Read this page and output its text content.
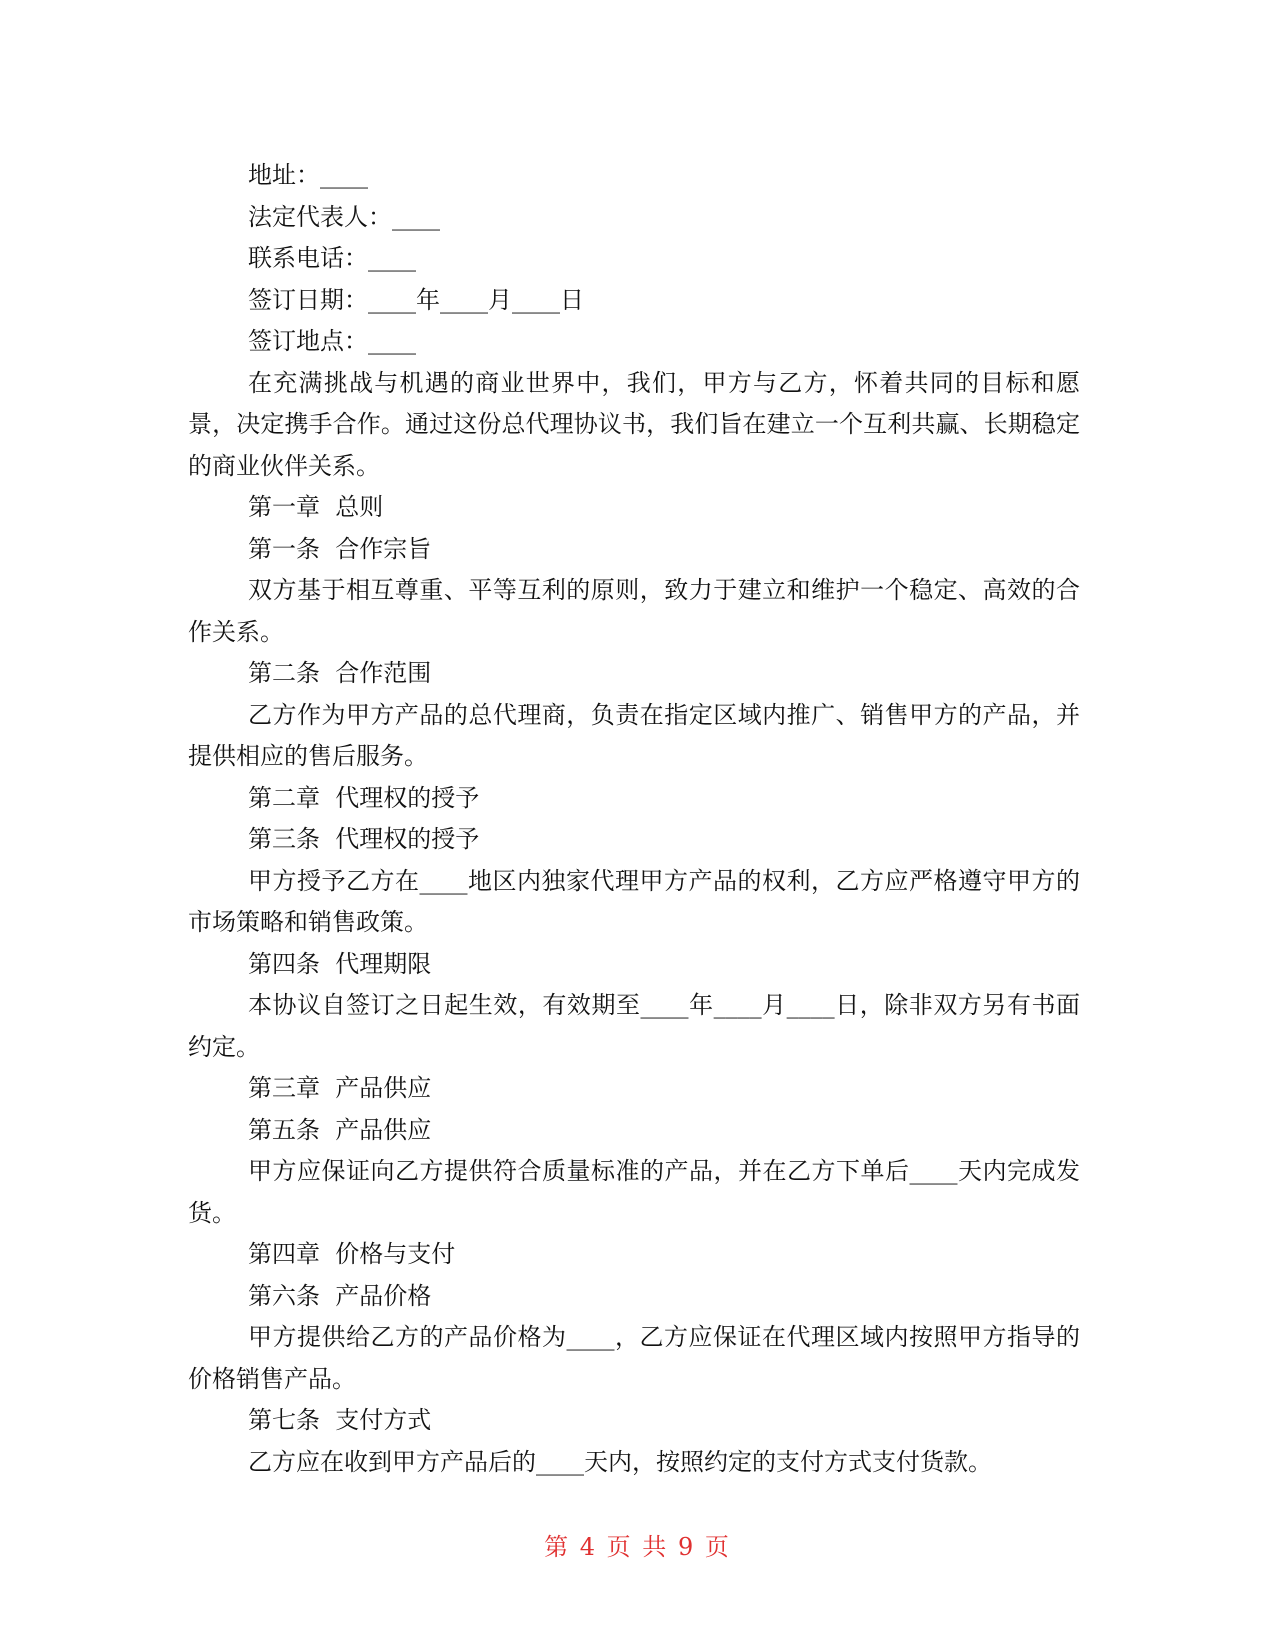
地址：____

法定代表人：____

联系电话：____

签订日期：____年____月____日

签订地点：____

在充满挑战与机遇的商业世界中，我们，甲方与乙方，怀着共同的目标和愿景，决定携手合作。通过这份总代理协议书，我们旨在建立一个互利共赢、长期稳定的商业伙伴关系。

第一章  总则

第一条  合作宗旨

双方基于相互尊重、平等互利的原则，致力于建立和维护一个稳定、高效的合作关系。

第二条  合作范围

乙方作为甲方产品的总代理商，负责在指定区域内推广、销售甲方的产品，并提供相应的售后服务。

第二章  代理权的授予

第三条  代理权的授予

甲方授予乙方在____地区内独家代理甲方产品的权利，乙方应严格遵守甲方的市场策略和销售政策。

第四条  代理期限

本协议自签订之日起生效，有效期至____年____月____日，除非双方另有书面约定。

第三章  产品供应

第五条  产品供应

甲方应保证向乙方提供符合质量标准的产品，并在乙方下单后____天内完成发货。

第四章  价格与支付

第六条  产品价格

甲方提供给乙方的产品价格为____，乙方应保证在代理区域内按照甲方指导的价格销售产品。

第七条  支付方式

乙方应在收到甲方产品后的____天内，按照约定的支付方式支付货款。

第 4 页 共 9 页
